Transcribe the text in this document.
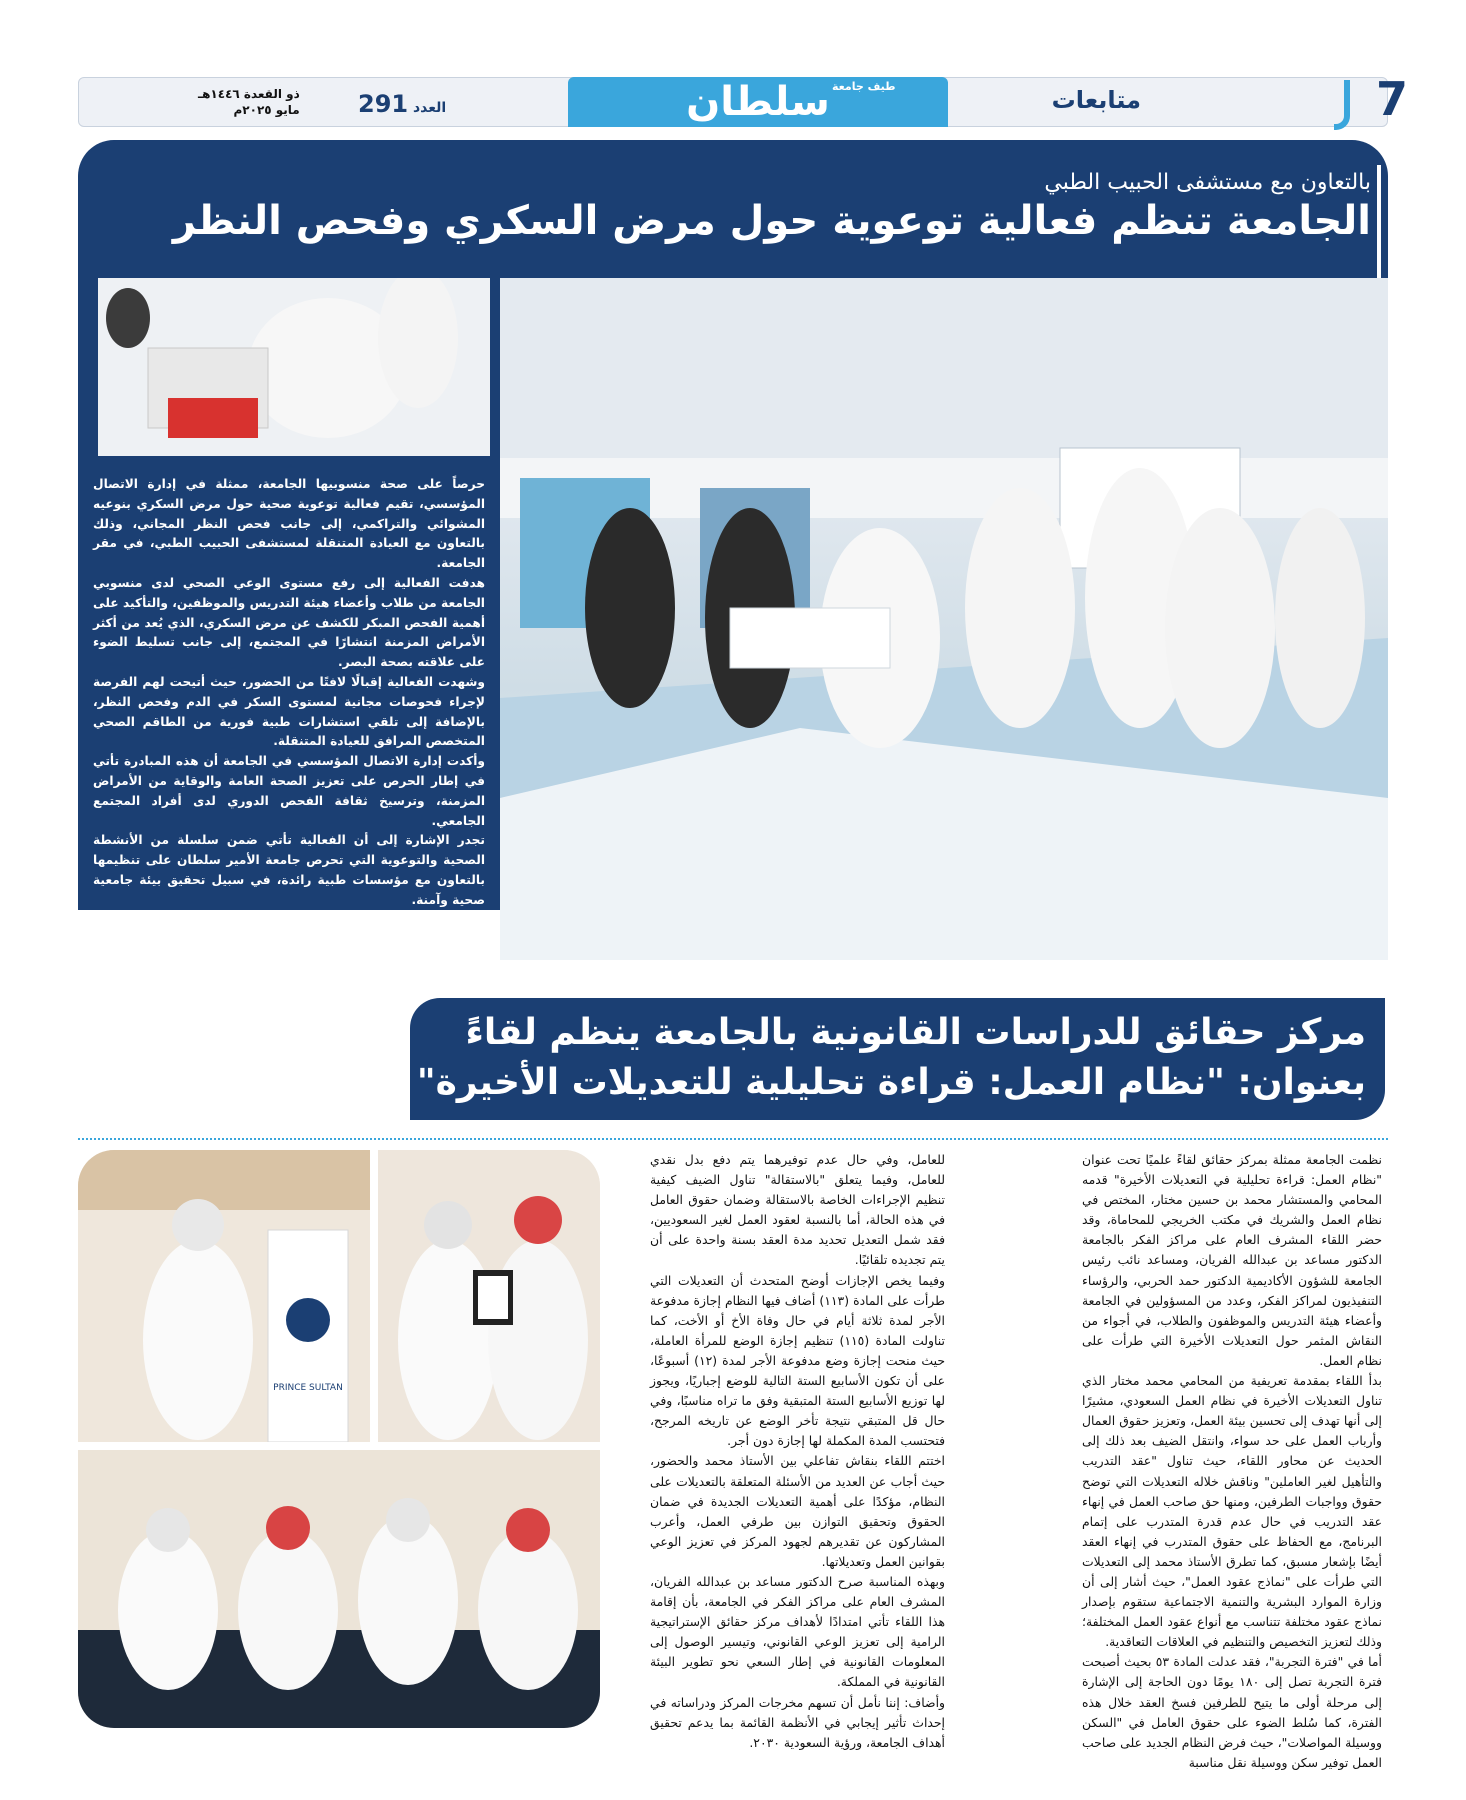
7
متابعات
سلطان طيف جامعة
العدد 291
ذو القعدة ١٤٤٦هـ
مايو ٢٠٢٥م
بالتعاون مع مستشفى الحبيب الطبي
الجامعة تنظم فعالية توعوية حول مرض السكري وفحص النظر

حرصاً على صحة منسوبيها الجامعة، ممثلة في إدارة الاتصال المؤسسي، تقيم فعالية توعوية صحية حول مرض السكري بنوعيه المشوائي والتراكمي، إلى جانب فحص النظر المجاني، وذلك بالتعاون مع العيادة المتنقلة لمستشفى الحبيب الطبي، في مقر الجامعة.

هدفت الفعالية إلى رفع مستوى الوعي الصحي لدى منسوبي الجامعة من طلاب وأعضاء هيئة التدريس والموظفين، والتأكيد على أهمية الفحص المبكر للكشف عن مرض السكري، الذي يُعد من أكثر الأمراض المزمنة انتشارًا في المجتمع، إلى جانب تسليط الضوء على علاقته بصحة البصر.

وشهدت الفعالية إقبالًا لافتًا من الحضور، حيث أتيحت لهم الفرصة لإجراء فحوصات مجانية لمستوى السكر في الدم وفحص النظر، بالإضافة إلى تلقي استشارات طبية فورية من الطاقم الصحي المتخصص المرافق للعيادة المتنقلة.

وأكدت إدارة الاتصال المؤسسي في الجامعة أن هذه المبادرة تأتي في إطار الحرص على تعزيز الصحة العامة والوقاية من الأمراض المزمنة، وترسيخ ثقافة الفحص الدوري لدى أفراد المجتمع الجامعي.

تجدر الإشارة إلى أن الفعالية تأتي ضمن سلسلة من الأنشطة الصحية والتوعوية التي تحرص جامعة الأمير سلطان على تنظيمها بالتعاون مع مؤسسات طبية رائدة، في سبيل تحقيق بيئة جامعية صحية وآمنة.

مركز حقائق للدراسات القانونية بالجامعة ينظم لقاءً
بعنوان: "نظام العمل: قراءة تحليلية للتعديلات الأخيرة"

نظمت الجامعة ممثلة بمركز حقائق لقاءً علميًا تحت عنوان "نظام العمل: قراءة تحليلية في التعديلات الأخيرة" قدمه المحامي والمستشار محمد بن حسين مختار، المختص في نظام العمل والشريك في مكتب الخريجي للمحاماة، وقد حضر اللقاء المشرف العام على مراكز الفكر بالجامعة الدكتور مساعد بن عبدالله الفريان، ومساعد نائب رئيس الجامعة للشؤون الأكاديمية الدكتور حمد الحربي، والرؤساء التنفيذيون لمراكز الفكر، وعدد من المسؤولين في الجامعة وأعضاء هيئة التدريس والموظفون والطلاب، في أجواء من النقاش المثمر حول التعديلات الأخيرة التي طرأت على نظام العمل.

بدأ اللقاء بمقدمة تعريفية من المحامي محمد مختار الذي تناول التعديلات الأخيرة في نظام العمل السعودي، مشيرًا إلى أنها تهدف إلى تحسين بيئة العمل، وتعزيز حقوق العمال وأرباب العمل على حد سواء، وانتقل الضيف بعد ذلك إلى الحديث عن محاور اللقاء، حيث تناول "عقد التدريب والتأهيل لغير العاملين" وناقش خلاله التعديلات التي توضح حقوق وواجبات الطرفين، ومنها حق صاحب العمل في إنهاء عقد التدريب في حال عدم قدرة المتدرب على إتمام البرنامج، مع الحفاظ على حقوق المتدرب في إنهاء العقد أيضًا بإشعار مسبق، كما تطرق الأستاذ محمد إلى التعديلات التي طرأت على "نماذج عقود العمل"، حيث أشار إلى أن وزارة الموارد البشرية والتنمية الاجتماعية ستقوم بإصدار نماذج عقود مختلفة تتناسب مع أنواع عقود العمل المختلفة؛ وذلك لتعزيز التخصيص والتنظيم في العلاقات التعاقدية.

أما في "فترة التجربة"، فقد عدلت المادة ٥٣ بحيث أصبحت فترة التجربة تصل إلى ١٨٠ يومًا دون الحاجة إلى الإشارة إلى مرحلة أولى ما يتيح للطرفين فسخ العقد خلال هذه الفترة، كما سُلط الضوء على حقوق العامل في "السكن ووسيلة المواصلات"، حيث فرض النظام الجديد على صاحب العمل توفير سكن ووسيلة نقل مناسبة

للعامل، وفي حال عدم توفيرهما يتم دفع بدل نقدي للعامل، وفيما يتعلق "بالاستقالة" تناول الضيف كيفية تنظيم الإجراءات الخاصة بالاستقالة وضمان حقوق العامل في هذه الحالة، أما بالنسبة لعقود العمل لغير السعوديين، فقد شمل التعديل تحديد مدة العقد بسنة واحدة على أن يتم تجديده تلقائيًا.

وفيما يخص الإجازات أوضح المتحدث أن التعديلات التي طرأت على المادة (١١٣) أضاف فيها النظام إجازة مدفوعة الأجر لمدة ثلاثة أيام في حال وفاة الأخ أو الأخت، كما تناولت المادة (١١٥) تنظيم إجازة الوضع للمرأة العاملة، حيث منحت إجازة وضع مدفوعة الأجر لمدة (١٢) أسبوعًا، على أن تكون الأسابيع الستة التالية للوضع إجباريًا، ويجوز لها توزيع الأسابيع الستة المتبقية وفق ما تراه مناسبًا، وفي حال قل المتبقي نتيجة تأخر الوضع عن تاريخه المرجح، فتحتسب المدة المكملة لها إجازة دون أجر.

اختتم اللقاء بنقاش تفاعلي بين الأستاذ محمد والحضور، حيث أجاب عن العديد من الأسئلة المتعلقة بالتعديلات على النظام، مؤكدًا على أهمية التعديلات الجديدة في ضمان الحقوق وتحقيق التوازن بين طرفي العمل، وأعرب المشاركون عن تقديرهم لجهود المركز في تعزيز الوعي بقوانين العمل وتعديلاتها.

وبهذه المناسبة صرح الدكتور مساعد بن عبدالله الفريان، المشرف العام على مراكز الفكر في الجامعة، بأن إقامة هذا اللقاء تأتي امتدادًا لأهداف مركز حقائق الإستراتيجية الرامية إلى تعزيز الوعي القانوني، وتيسير الوصول إلى المعلومات القانونية في إطار السعي نحو تطوير البيئة القانونية في المملكة.

وأضاف: إننا نأمل أن تسهم مخرجات المركز ودراساته في إحداث تأثير إيجابي في الأنظمة القائمة بما يدعم تحقيق أهداف الجامعة، ورؤية السعودية ٢٠٣٠.

PRINCE SULTAN
